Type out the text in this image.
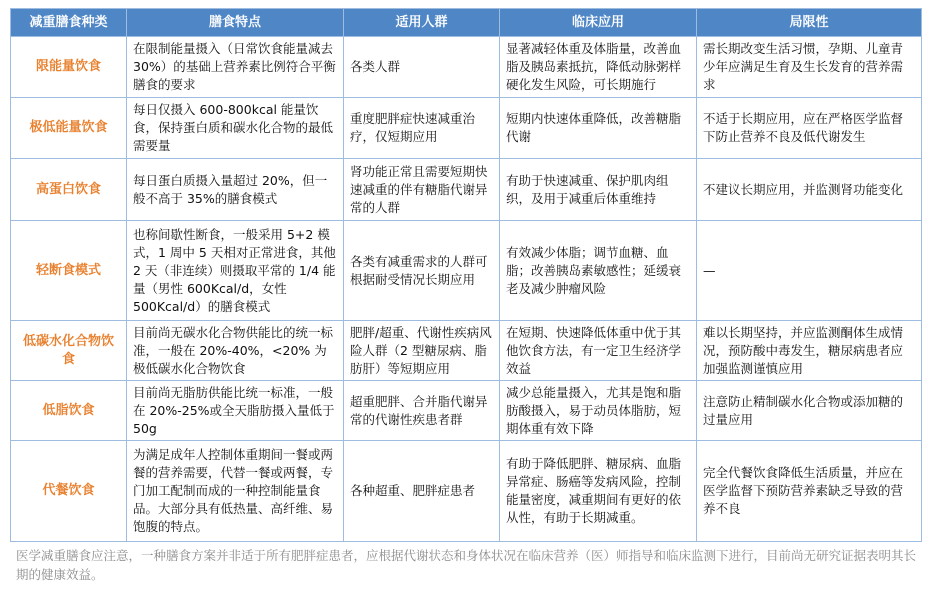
减重膳食种类	膳食特点	适用人群	临床应用	局限性
限能量饮食	在限制能量摄入（日常饮食能量减去 30%）的基础上营养素比例符合平衡膳食的要求	各类人群	显著减轻体重及体脂量，改善血脂及胰岛素抵抗，降低动脉粥样硬化发生风险，可长期施行	需长期改变生活习惯，孕期、儿童青少年应满足生育及生长发育的营养需求
极低能量饮食	每日仅摄入 600-800kcal 能量饮食，保持蛋白质和碳水化合物的最低需要量	重度肥胖症快速减重治疗，仅短期应用	短期内快速体重降低，改善糖脂代谢	不适于长期应用，应在严格医学监督下防止营养不良及低代谢发生
高蛋白饮食	每日蛋白质摄入量超过 20%，但一般不高于 35%的膳食模式	肾功能正常且需要短期快速减重的伴有糖脂代谢异常的人群	有助于快速减重、保护肌肉组织，及用于减重后体重维持	不建议长期应用，并监测肾功能变化
轻断食模式	也称间歇性断食，一般采用 5+2 模式，1 周中 5 天相对正常进食，其他 2 天（非连续）则摄取平常的 1/4 能量（男性 600Kcal/d，女性 500Kcal/d）的膳食模式	各类有减重需求的人群可根据耐受情况长期应用	有效减少体脂；调节血糖、血脂；改善胰岛素敏感性；延缓衰老及减少肿瘤风险	—
低碳水化合物饮食	目前尚无碳水化合物供能比的统一标准，一般在 20%-40%，<20% 为极低碳水化合物饮食	肥胖/超重、代谢性疾病风险人群（2 型糖尿病、脂肪肝）等短期应用	在短期、快速降低体重中优于其他饮食方法，有一定卫生经济学效益	难以长期坚持，并应监测酮体生成情况，预防酸中毒发生，糖尿病患者应加强监测谨慎应用
低脂饮食	目前尚无脂肪供能比统一标准，一般在 20%-25%或全天脂肪摄入量低于 50g	超重肥胖、合并脂代谢异常的代谢性疾患者群	减少总能量摄入，尤其是饱和脂肪酸摄入，易于动员体脂肪，短期体重有效下降	注意防止精制碳水化合物或添加糖的过量应用
代餐饮食	为满足成年人控制体重期间一餐或两餐的营养需要，代替一餐或两餐，专门加工配制而成的一种控制能量食品。大部分具有低热量、高纤维、易饱腹的特点。	各种超重、肥胖症患者	有助于降低肥胖、糖尿病、血脂异常症、肠癌等发病风险，控制能量密度，减重期间有更好的依从性，有助于长期减重。	完全代餐饮食降低生活质量，并应在医学监督下预防营养素缺乏导致的营养不良
医学减重膳食应注意，一种膳食方案并非适于所有肥胖症患者，应根据代谢状态和身体状况在临床营养（医）师指导和临床监测下进行，目前尚无研究证据表明其长期的健康效益。
